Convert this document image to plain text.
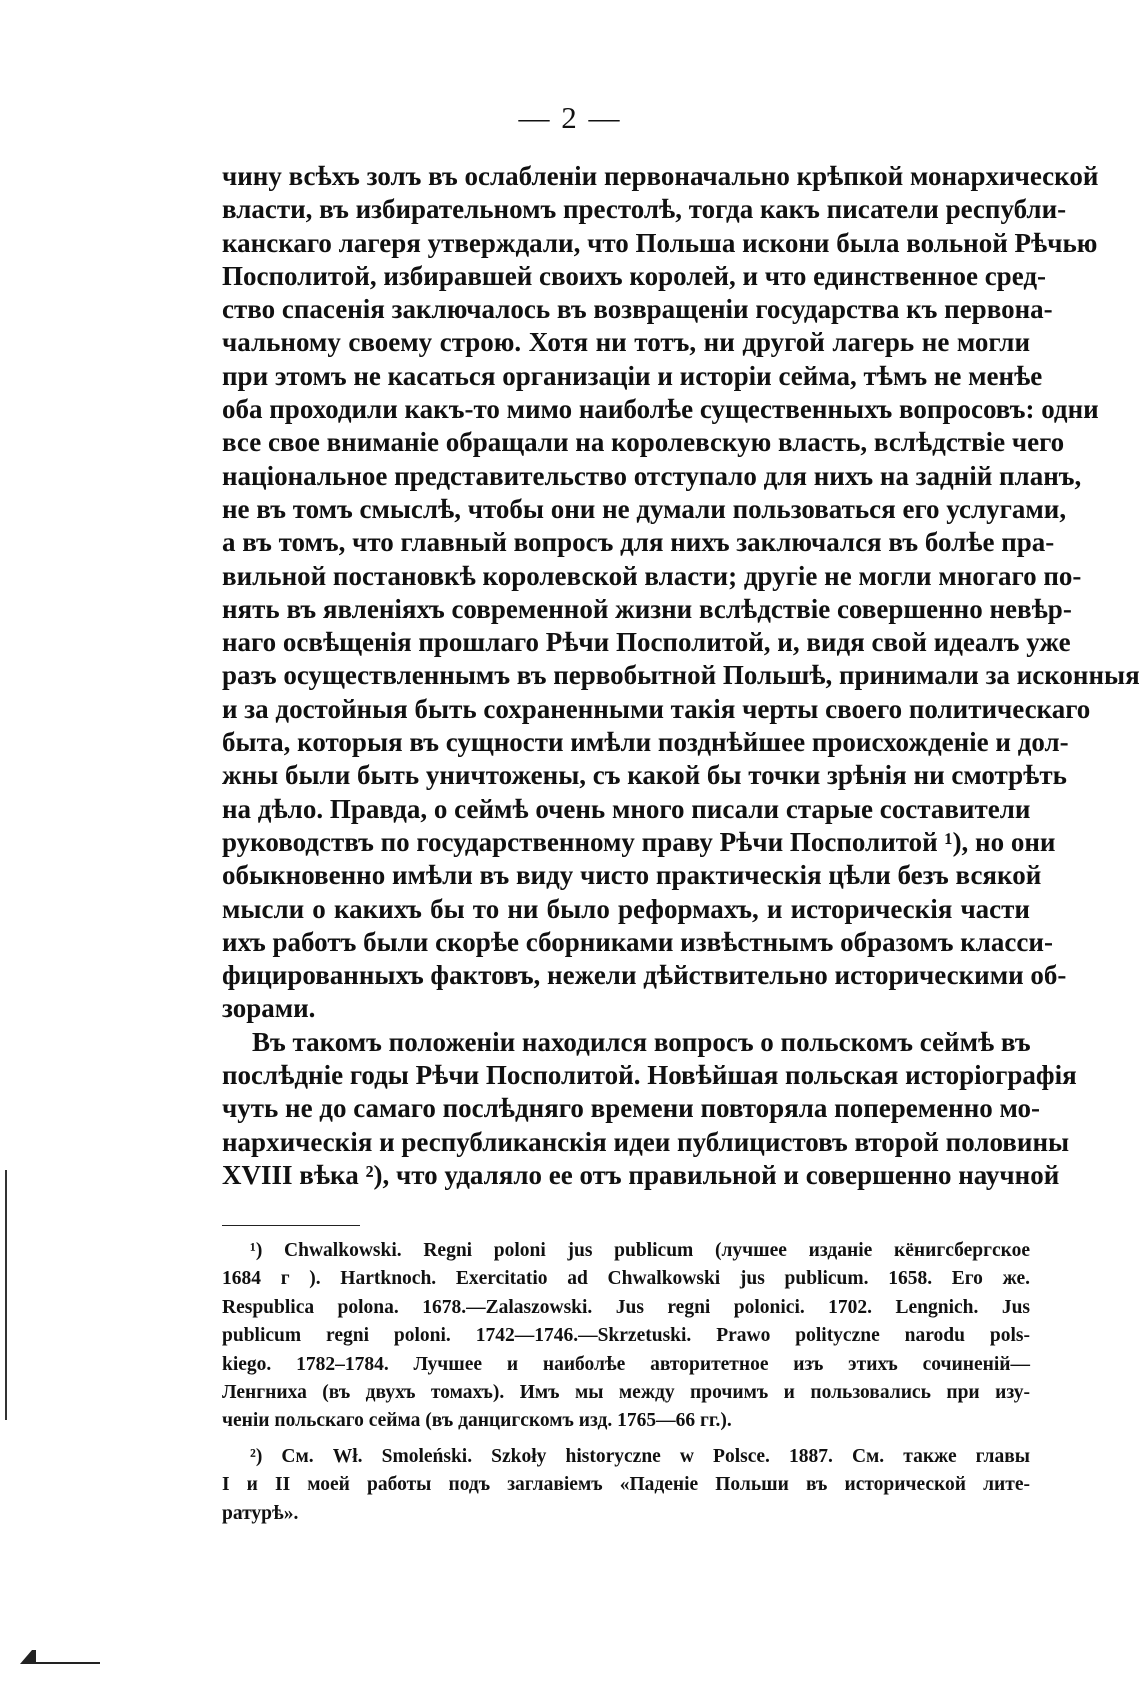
— 2 —
чину всѣхъ золъ въ ослабленіи первоначально крѣпкой монархической
власти, въ избирательномъ престолѣ, тогда какъ писатели республи-
канскаго лагеря утверждали, что Польша искони была вольной Рѣчью
Посполитой, избиравшей своихъ королей, и что единственное сред-
ство спасенія заключалось въ возвращеніи государства къ первона-
чальному своему строю. Хотя ни тотъ, ни другой лагерь не могли
при этомъ не касаться организаціи и исторіи сейма, тѣмъ не менѣе
оба проходили какъ-то мимо наиболѣе существенныхъ вопросовъ: одни
все свое вниманіе обращали на королевскую власть, вслѣдствіе чего
національное представительство отступало для нихъ на задній планъ,
не въ томъ смыслѣ, чтобы они не думали пользоваться его услугами,
а въ томъ, что главный вопросъ для нихъ заключался въ болѣе пра-
вильной постановкѣ королевской власти; другіе не могли многаго по-
нять въ явленіяхъ современной жизни вслѣдствіе совершенно невѣр-
наго освѣщенія прошлаго Рѣчи Посполитой, и, видя свой идеалъ уже
разъ осуществленнымъ въ первобытной Польшѣ, принимали за исконныя
и за достойныя быть сохраненными такія черты своего политическаго
быта, которыя въ сущности имѣли позднѣйшее происхожденіе и дол-
жны были быть уничтожены, съ какой бы точки зрѣнія ни смотрѣть
на дѣло. Правда, о сеймѣ очень много писали старые составители
руководствъ по государственному праву Рѣчи Посполитой ¹), но они
обыкновенно имѣли въ виду чисто практическія цѣли безъ всякой
мысли о какихъ бы то ни было реформахъ, и историческія части
ихъ работъ были скорѣе сборниками извѣстнымъ образомъ класси-
фицированныхъ фактовъ, нежели дѣйствительно историческими об-
зорами.
Въ такомъ положеніи находился вопросъ о польскомъ сеймѣ въ
послѣдніе годы Рѣчи Посполитой. Новѣйшая польская исторіографія
чуть не до самаго послѣдняго времени повторяла попеременно мо-
нархическія и республиканскія идеи публицистовъ второй половины
XVIII вѣка ²), что удаляло ее отъ правильной и совершенно научной
¹) Chwalkowski. Regni poloni jus publicum (лучшее изданіе кёнигсбергское
1684 г ). Hartknoch. Exercitatio ad Chwalkowski jus publicum. 1658. Его же.
Respublica polona. 1678.—Zalaszowski. Jus regni polonici. 1702. Lengnich. Jus
publicum regni poloni. 1742—1746.—Skrzetuski. Prawo polityczne narodu pols-
kiego. 1782–1784. Лучшее и наиболѣе авторитетное изъ этихъ сочиненій—
Ленгниха (въ двухъ томахъ). Имъ мы между прочимъ и пользовались при изу-
ченіи польскаго сейма (въ данцигскомъ изд. 1765—66 гг.).
²) См. Wł. Smoleński. Szkoły historyczne w Polsce. 1887. См. также главы
I и II моей работы подъ заглавіемъ «Паденіе Польши въ исторической лите-
ратурѣ».
